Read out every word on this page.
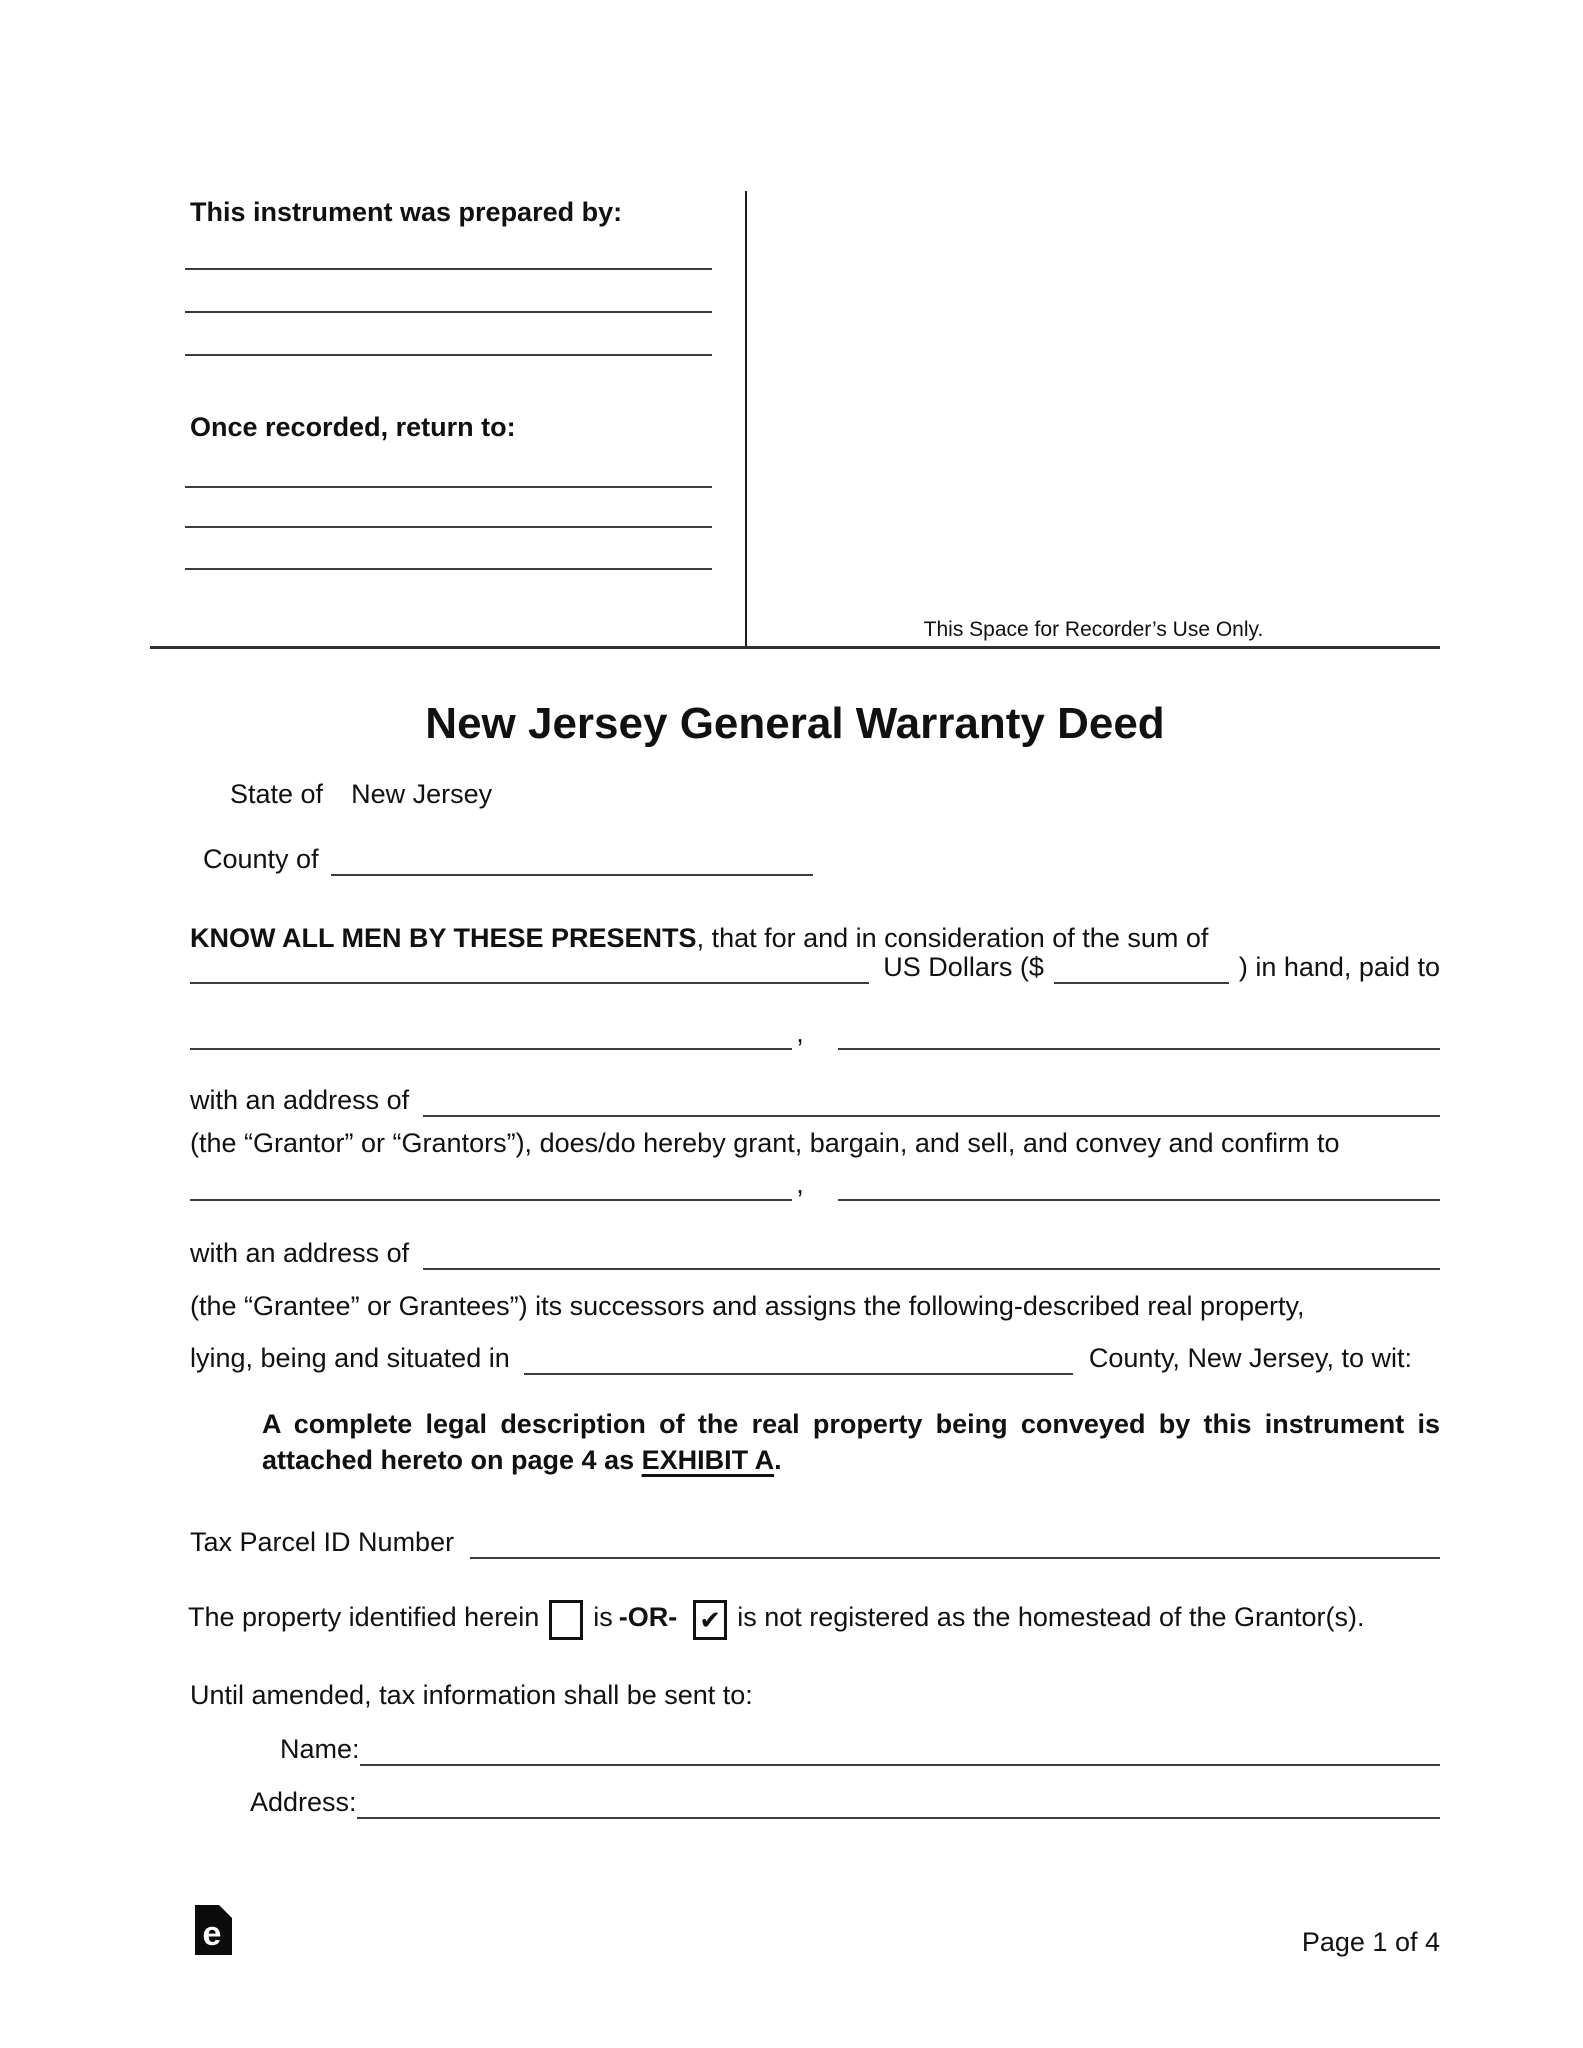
This instrument was prepared by:
Once recorded, return to:
This Space for Recorder’s Use Only.
New Jersey General Warranty Deed
State of New Jersey
County of
KNOW ALL MEN BY THESE PRESENTS, that for and in consideration of the sum of
US Dollars ($	) in hand, paid to
,
with an address of
(the “Grantor” or “Grantors”), does/do hereby grant, bargain, and sell, and convey and confirm to
,
with an address of
(the “Grantee” or Grantees”) its successors and assigns the following-described real property,
lying, being and situated in	County, New Jersey, to wit:
A complete legal description of the real property being conveyed by this instrument is attached hereto on page 4 as EXHIBIT A.
Tax Parcel ID Number
The property identified herein is -OR- ✔ is not registered as the homestead of the Grantor(s).
Until amended, tax information shall be sent to:
Name:
Address:
e	Page 1 of 4
